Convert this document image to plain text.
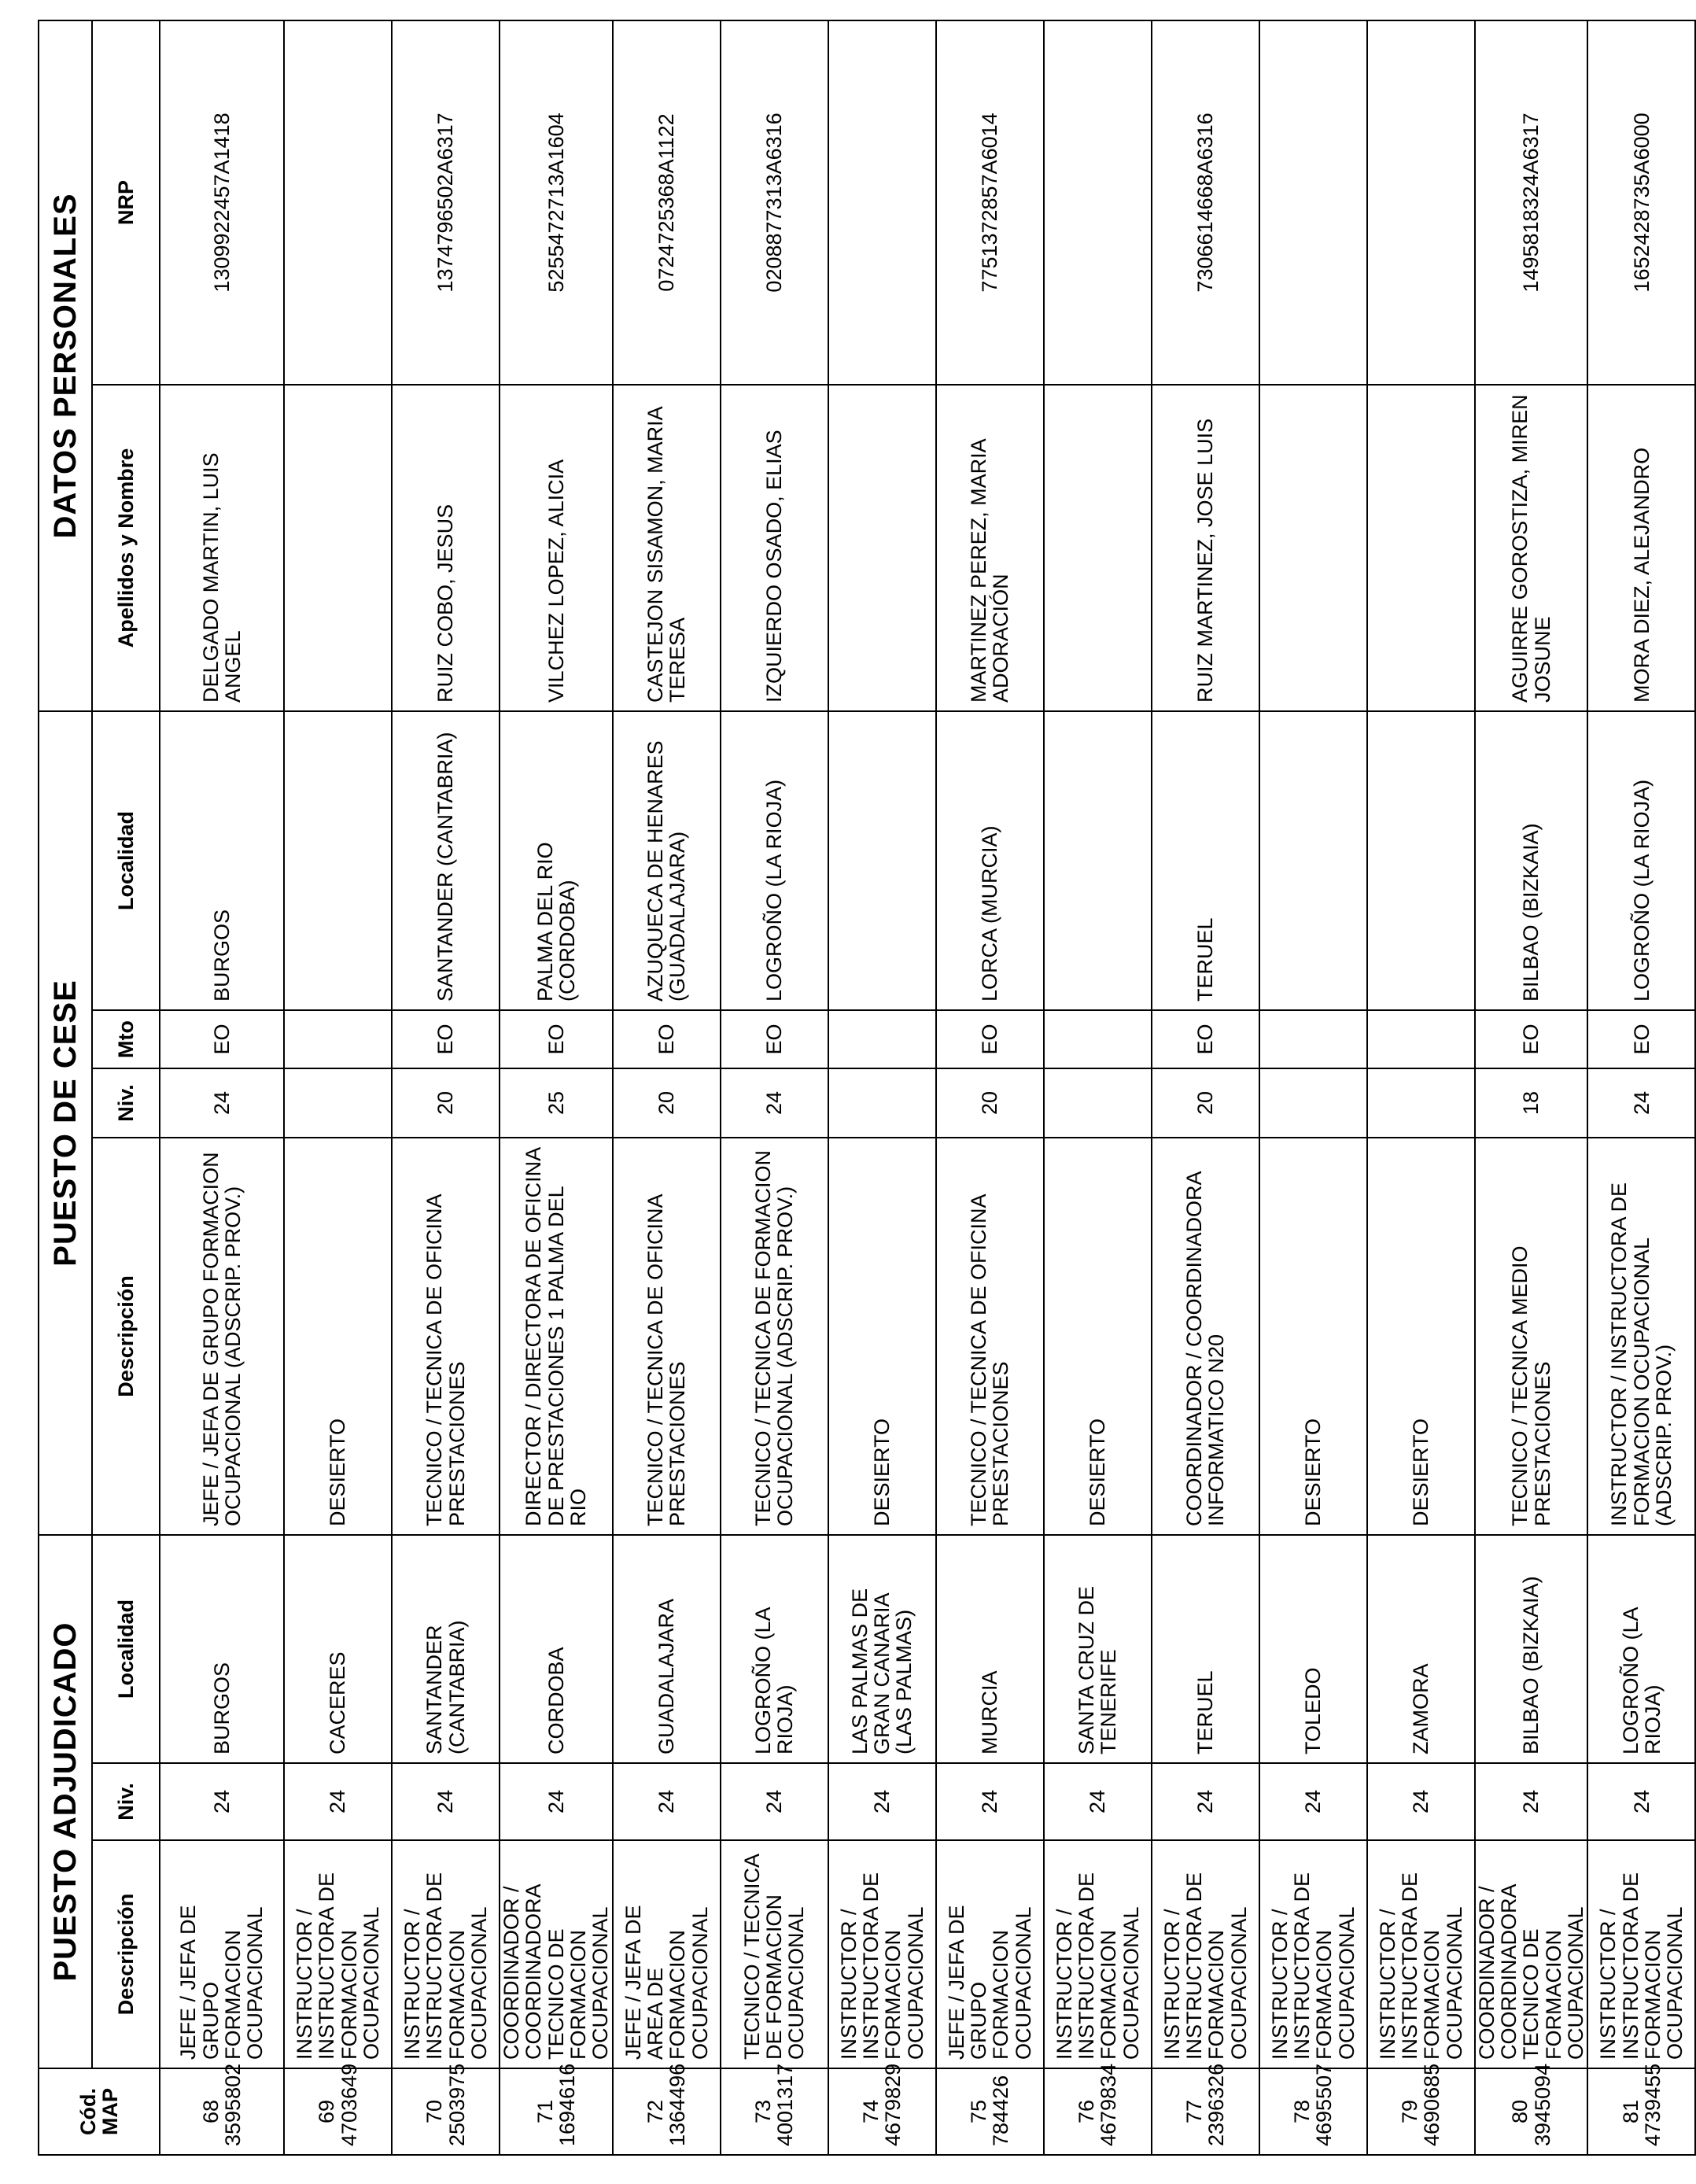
Cód.
MAP	PUESTO ADJUDICADO			PUESTO DE CESE				DATOS PERSONALES	
	Descripción	Niv.	Localidad	Descripción	Niv.	Mto	Localidad	Apellidos y Nombre	NRP

68
3595802	JEFE / JEFA DE GRUPO FORMACION OCUPACIONAL	24	BURGOS	JEFE / JEFA DE GRUPO FORMACION OCUPACIONAL (ADSCRIP. PROV.)	24	EO	BURGOS	DELGADO MARTIN, LUIS ANGEL	1309922457A1418

69
4703649	INSTRUCTOR / INSTRUCTORA DE FORMACION OCUPACIONAL	24	CACERES	DESIERTO					

70
2503975	INSTRUCTOR / INSTRUCTORA DE FORMACION OCUPACIONAL	24	SANTANDER (CANTABRIA)	TECNICO / TECNICA DE OFICINA PRESTACIONES	20	EO	SANTANDER (CANTABRIA)	RUIZ COBO, JESUS	1374796502A6317

71
1694616	COORDINADOR / COORDINADORA TECNICO DE FORMACION OCUPACIONAL	24	CORDOBA	DIRECTOR / DIRECTORA DE OFICINA DE PRESTACIONES 1 PALMA DEL RIO	25	EO	PALMA DEL RIO (CORDOBA)	VILCHEZ LOPEZ, ALICIA	5255472713A1604

72
1364496	JEFE / JEFA DE AREA DE FORMACION OCUPACIONAL	24	GUADALAJARA	TECNICO / TECNICA DE OFICINA PRESTACIONES	20	EO	AZUQUECA DE HENARES (GUADALAJARA)	CASTEJON SISAMON, MARIA TERESA	0724725368A1122

73
4001317	TECNICO / TECNICA DE FORMACION OCUPACIONAL	24	LOGROÑO (LA RIOJA)	TECNICO / TECNICA DE FORMACION OCUPACIONAL (ADSCRIP. PROV.)	24	EO	LOGROÑO (LA RIOJA)	IZQUIERDO OSADO, ELIAS	0208877313A6316

74
4679829	INSTRUCTOR / INSTRUCTORA DE FORMACION OCUPACIONAL	24	LAS PALMAS DE GRAN CANARIA (LAS PALMAS)	DESIERTO					

75
784426	JEFE / JEFA DE GRUPO FORMACION OCUPACIONAL	24	MURCIA	TECNICO / TECNICA DE OFICINA PRESTACIONES	20	EO	LORCA (MURCIA)	MARTINEZ PEREZ, MARIA ADORACIÓN	7751372857A6014

76
4679834	INSTRUCTOR / INSTRUCTORA DE FORMACION OCUPACIONAL	24	SANTA CRUZ DE TENERIFE	DESIERTO					

77
2396326	INSTRUCTOR / INSTRUCTORA DE FORMACION OCUPACIONAL	24	TERUEL	COORDINADOR / COORDINADORA INFORMATICO N20	20	EO	TERUEL	RUIZ MARTINEZ, JOSE LUIS	7306614668A6316

78
4695507	INSTRUCTOR / INSTRUCTORA DE FORMACION OCUPACIONAL	24	TOLEDO	DESIERTO					

79
4690685	INSTRUCTOR / INSTRUCTORA DE FORMACION OCUPACIONAL	24	ZAMORA	DESIERTO					

80
3945094	COORDINADOR / COORDINADORA TECNICO DE FORMACION OCUPACIONAL	24	BILBAO (BIZKAIA)	TECNICO / TECNICA MEDIO PRESTACIONES	18	EO	BILBAO (BIZKAIA)	AGUIRRE GOROSTIZA, MIREN JOSUNE	1495818324A6317

81
4739455	INSTRUCTOR / INSTRUCTORA DE FORMACION OCUPACIONAL	24	LOGROÑO (LA RIOJA)	INSTRUCTOR / INSTRUCTORA DE FORMACION OCUPACIONAL (ADSCRIP. PROV.)	24	EO	LOGROÑO (LA RIOJA)	MORA DIEZ, ALEJANDRO	1652428735A6000
